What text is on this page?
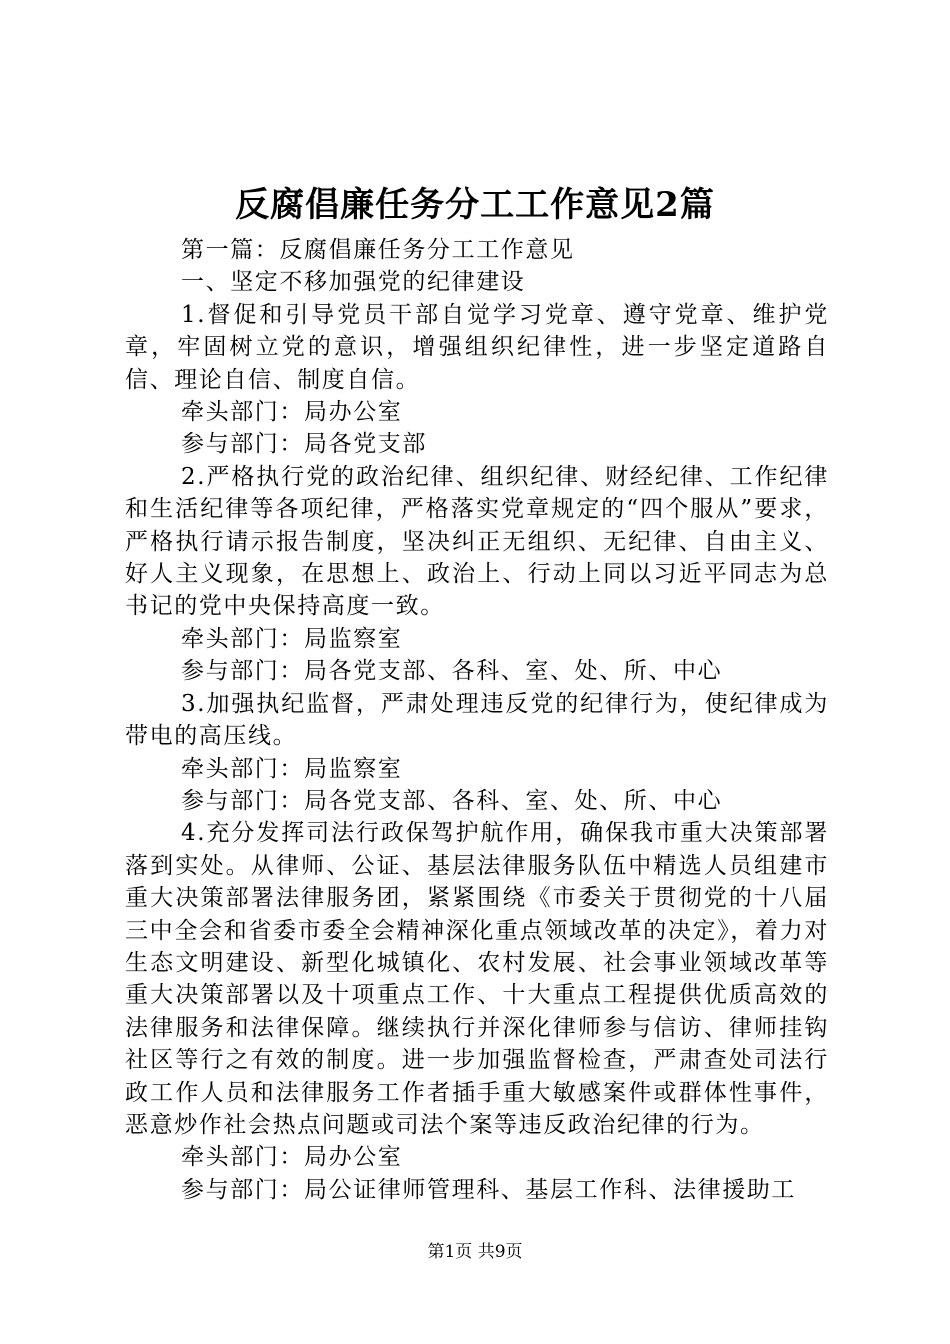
反腐倡廉任务分工工作意见2篇

第一篇：反腐倡廉任务分工工作意见

一、坚定不移加强党的纪律建设

1.督促和引导党员干部自觉学习党章、遵守党章、维护党章，牢固树立党的意识，增强组织纪律性，进一步坚定道路自信、理论自信、制度自信。

牵头部门：局办公室

参与部门：局各党支部

2.严格执行党的政治纪律、组织纪律、财经纪律、工作纪律和生活纪律等各项纪律，严格落实党章规定的“四个服从”要求，严格执行请示报告制度，坚决纠正无组织、无纪律、自由主义、好人主义现象，在思想上、政治上、行动上同以习近平同志为总书记的党中央保持高度一致。

牵头部门：局监察室

参与部门：局各党支部、各科、室、处、所、中心

3.加强执纪监督，严肃处理违反党的纪律行为，使纪律成为带电的高压线。

牵头部门：局监察室

参与部门：局各党支部、各科、室、处、所、中心

4.充分发挥司法行政保驾护航作用，确保我市重大决策部署落到实处。从律师、公证、基层法律服务队伍中精选人员组建市重大决策部署法律服务团，紧紧围绕《市委关于贯彻党的十八届三中全会和省委市委全会精神深化重点领域改革的决定》，着力对生态文明建设、新型化城镇化、农村发展、社会事业领域改革等重大决策部署以及十项重点工作、十大重点工程提供优质高效的法律服务和法律保障。继续执行并深化律师参与信访、律师挂钩社区等行之有效的制度。进一步加强监督检查，严肃查处司法行政工作人员和法律服务工作者插手重大敏感案件或群体性事件，恶意炒作社会热点问题或司法个案等违反政治纪律的行为。

牵头部门：局办公室

参与部门：局公证律师管理科、基层工作科、法律援助工

第1页 共9页
